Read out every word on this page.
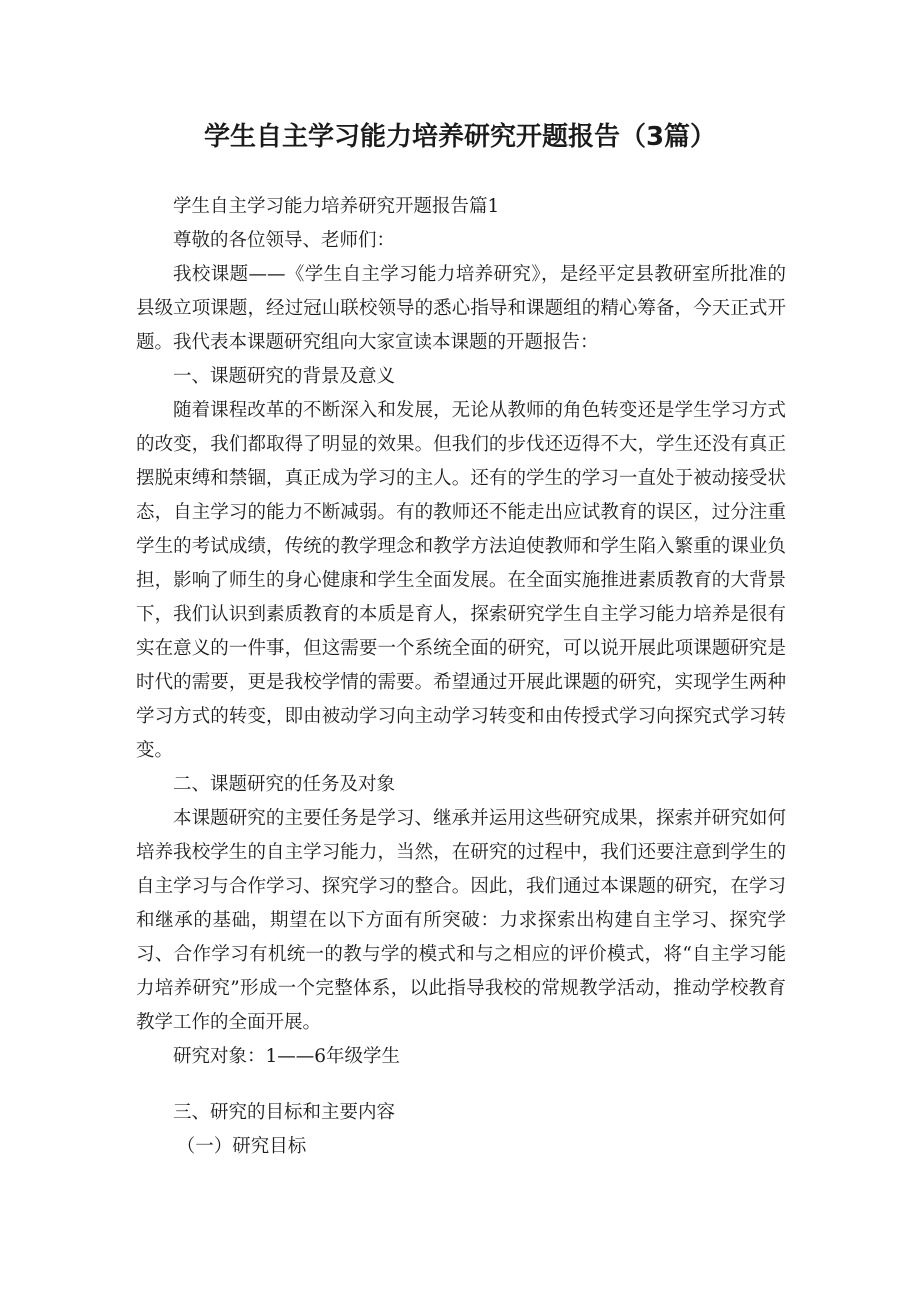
学生自主学习能力培养研究开题报告（3篇）

学生自主学习能力培养研究开题报告篇1

尊敬的各位领导、老师们：

我校课题——《学生自主学习能力培养研究》，是经平定县教研室所批准的县级立项课题，经过冠山联校领导的悉心指导和课题组的精心筹备，今天正式开题。我代表本课题研究组向大家宣读本课题的开题报告：

一、课题研究的背景及意义

随着课程改革的不断深入和发展，无论从教师的角色转变还是学生学习方式的改变，我们都取得了明显的效果。但我们的步伐还迈得不大，学生还没有真正摆脱束缚和禁锢，真正成为学习的主人。还有的学生的学习一直处于被动接受状态，自主学习的能力不断减弱。有的教师还不能走出应试教育的误区，过分注重学生的考试成绩，传统的教学理念和教学方法迫使教师和学生陷入繁重的课业负担，影响了师生的身心健康和学生全面发展。在全面实施推进素质教育的大背景下，我们认识到素质教育的本质是育人，探索研究学生自主学习能力培养是很有实在意义的一件事，但这需要一个系统全面的研究，可以说开展此项课题研究是时代的需要，更是我校学情的需要。希望通过开展此课题的研究，实现学生两种学习方式的转变，即由被动学习向主动学习转变和由传授式学习向探究式学习转变。

二、课题研究的任务及对象

本课题研究的主要任务是学习、继承并运用这些研究成果，探索并研究如何培养我校学生的自主学习能力，当然，在研究的过程中，我们还要注意到学生的自主学习与合作学习、探究学习的整合。因此，我们通过本课题的研究，在学习和继承的基础，期望在以下方面有所突破：力求探索出构建自主学习、探究学习、合作学习有机统一的教与学的模式和与之相应的评价模式，将“自主学习能力培养研究”形成一个完整体系，以此指导我校的常规教学活动，推动学校教育教学工作的全面开展。

研究对象：1——6年级学生

三、研究的目标和主要内容

（一）研究目标
